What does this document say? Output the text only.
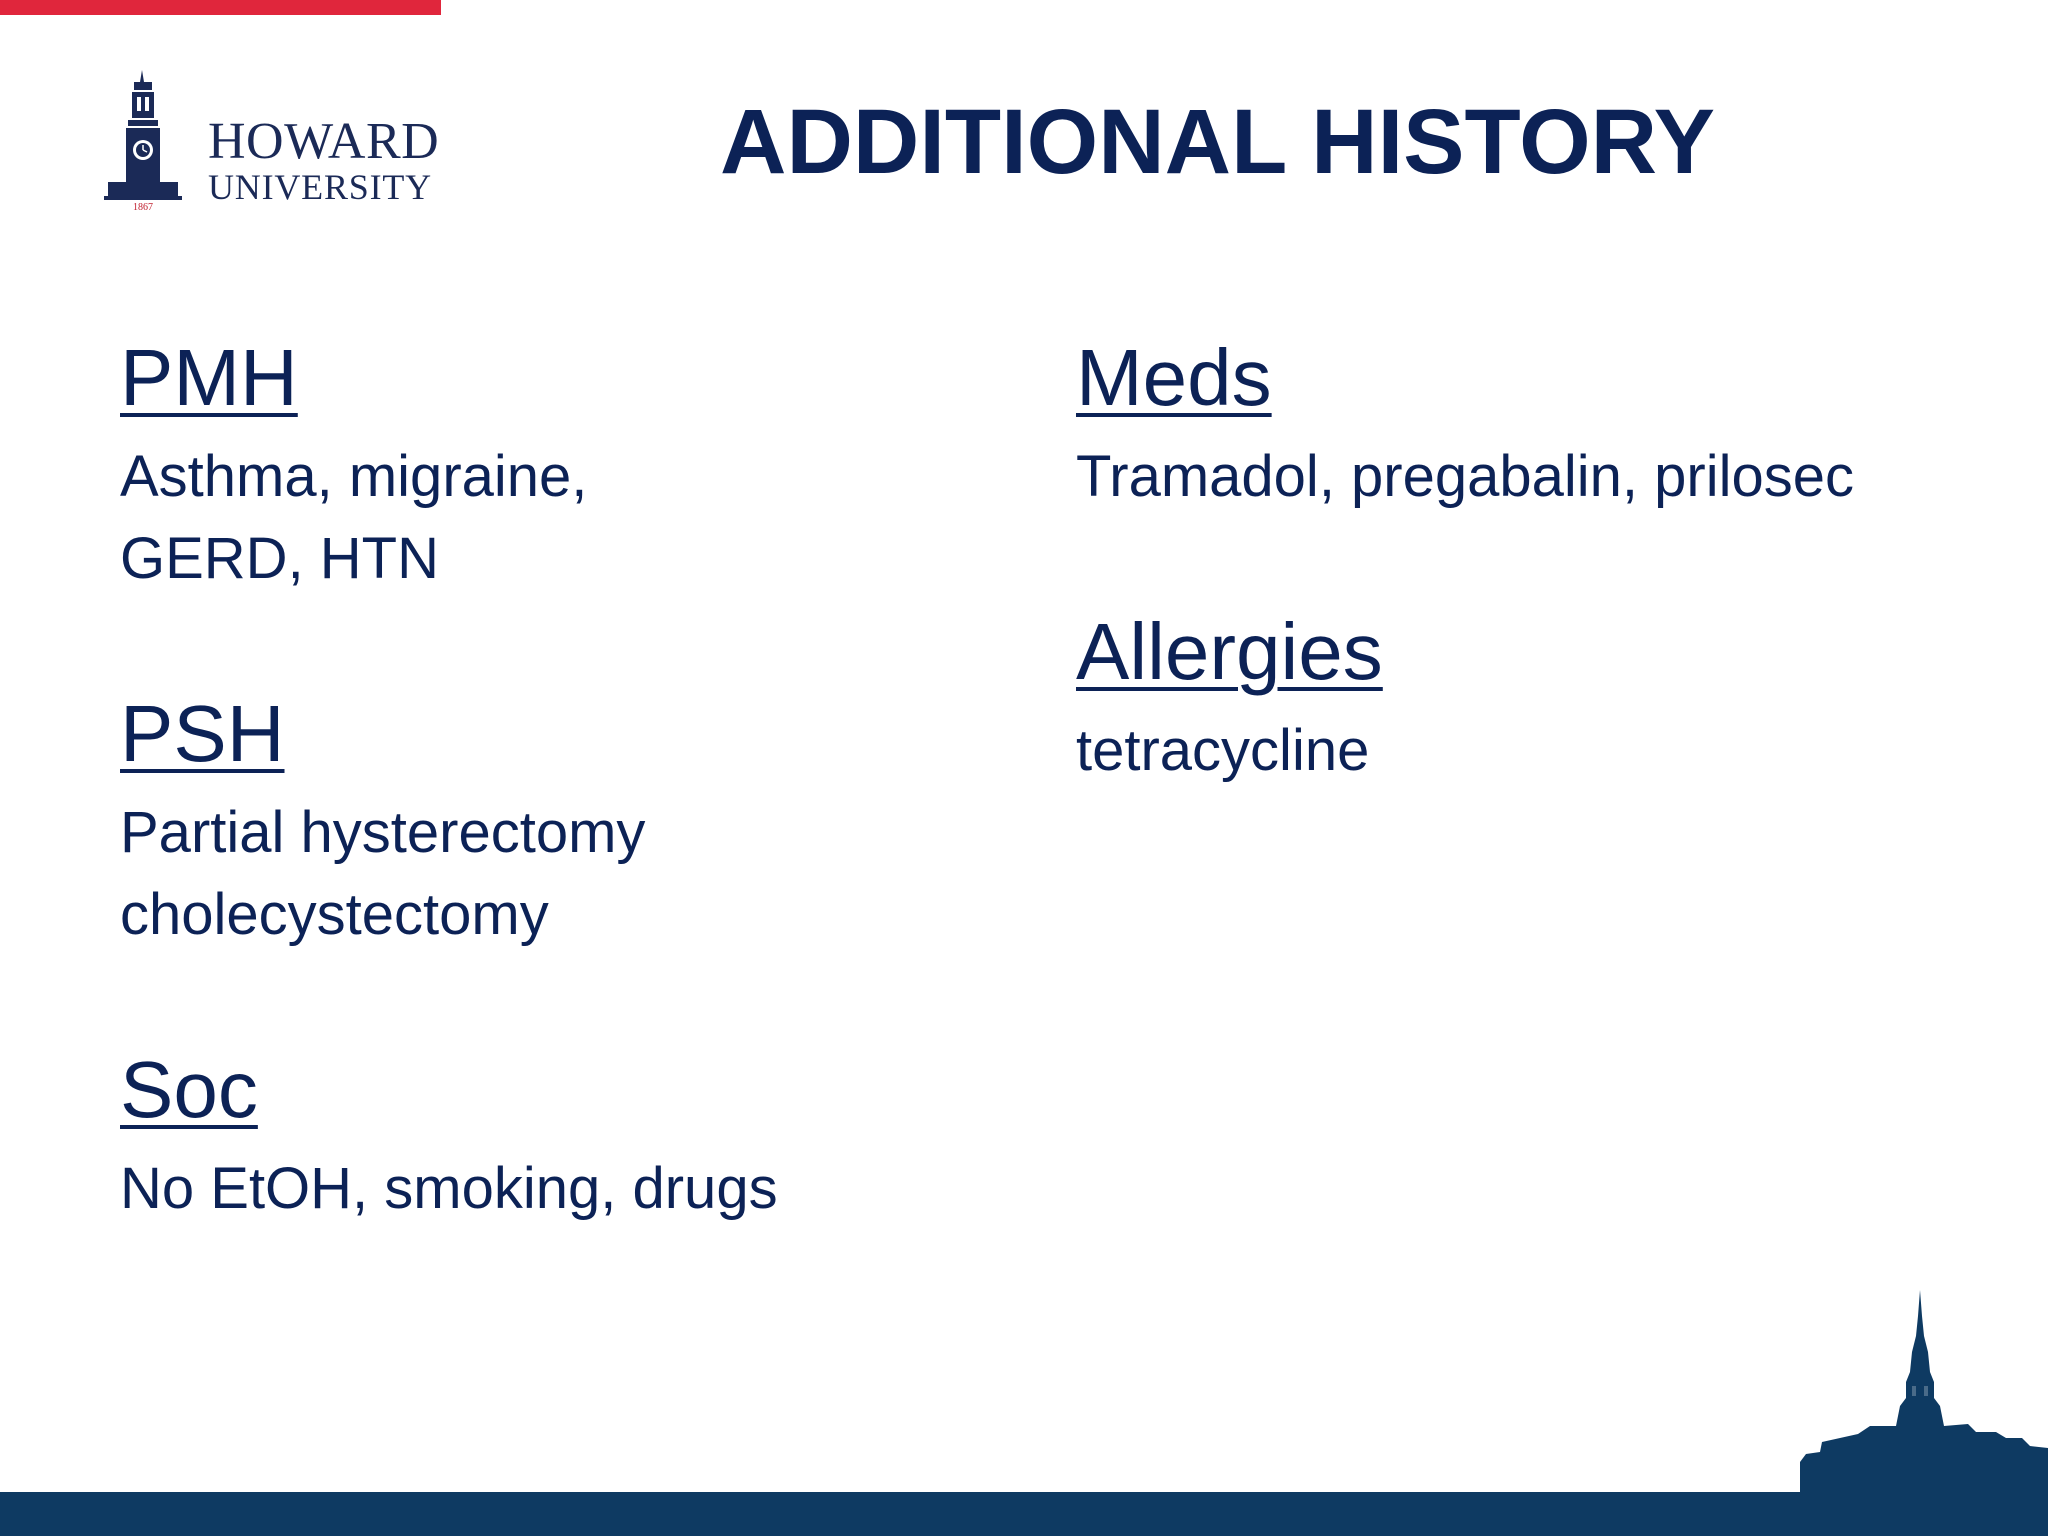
1867
HOWARD
UNIVERSITY	ADDITIONAL HISTORY

PMH

Asthma, migraine,

GERD, HTN

PSH

Partial hysterectomy

cholecystectomy

Soc

No EtOH, smoking, drugs

Meds

Tramadol, pregabalin, prilosec

Allergies

tetracycline
